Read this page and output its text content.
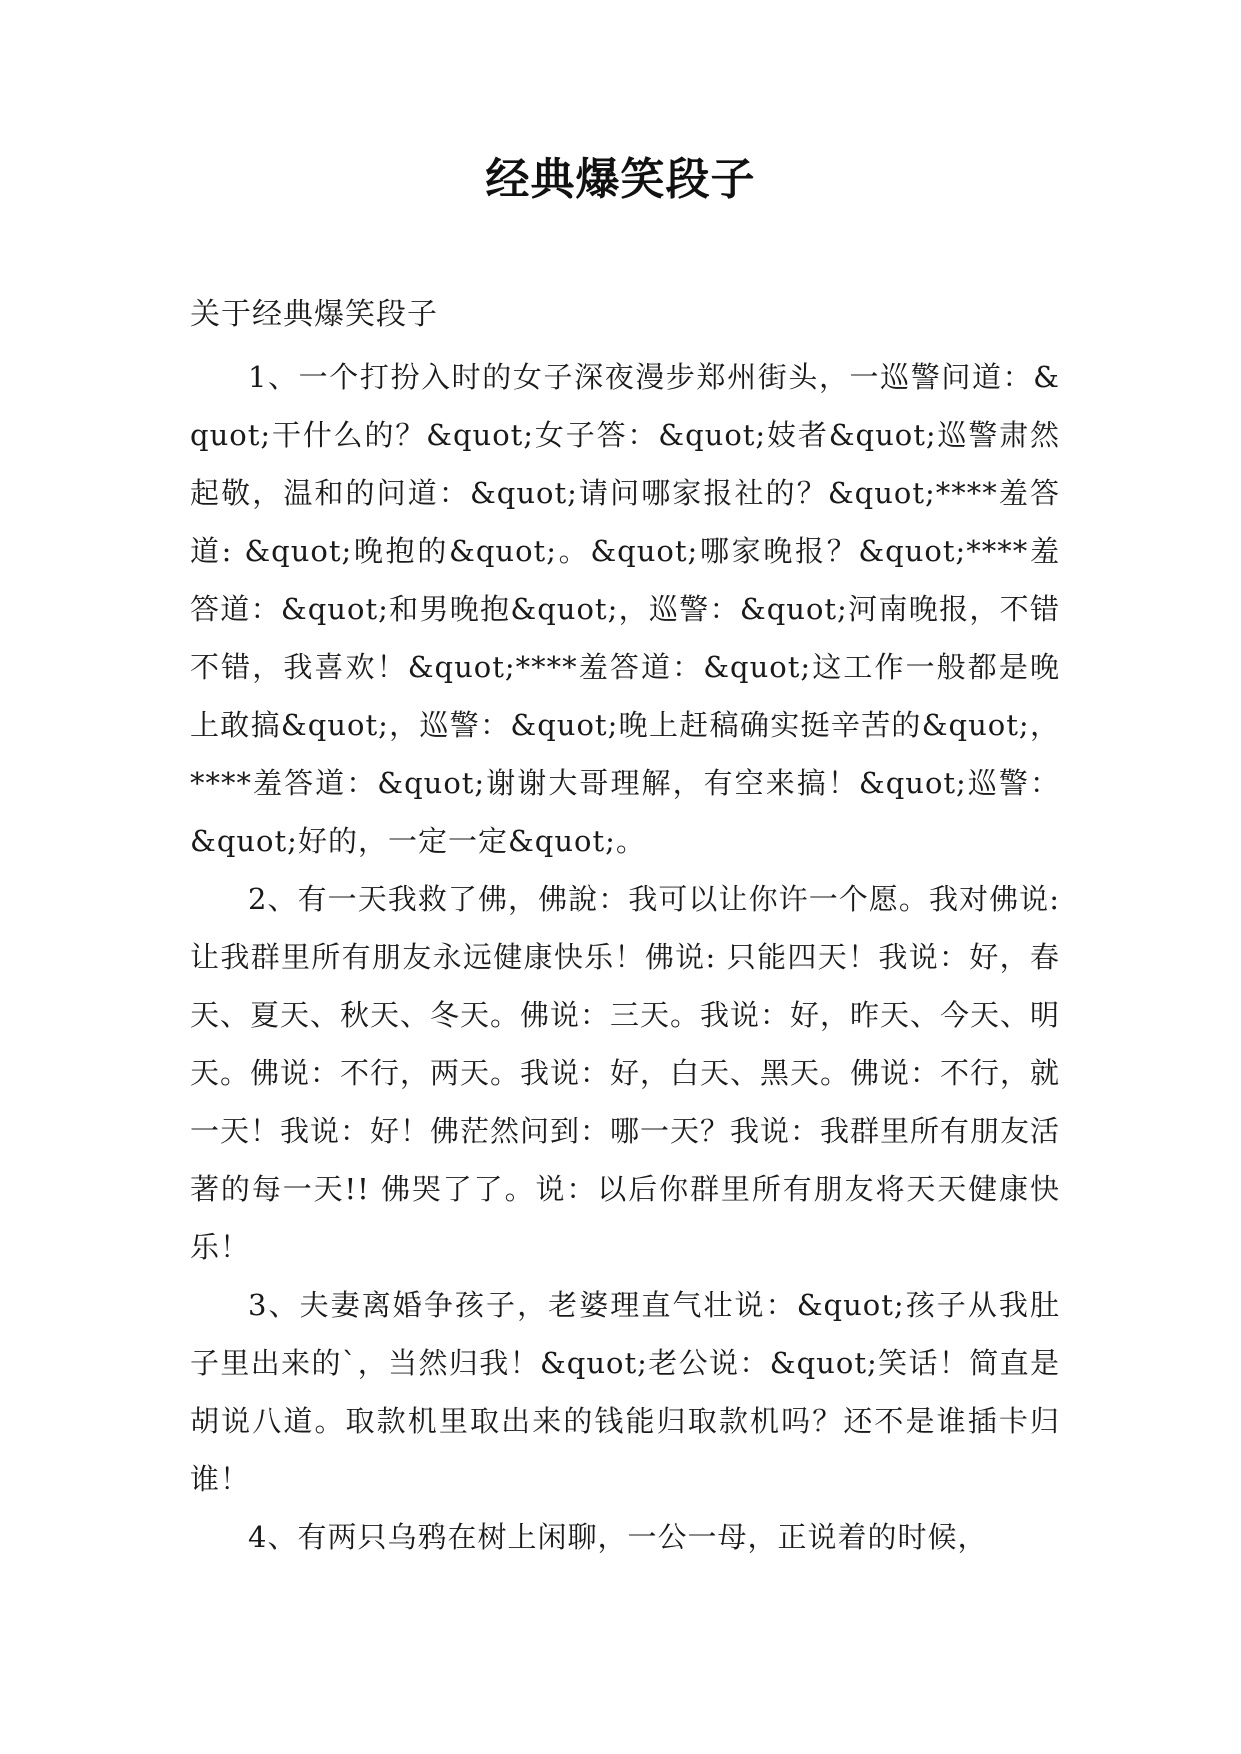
经典爆笑段子
关于经典爆笑段子

1、一个打扮入时的女子深夜漫步郑州街头，一巡警问道：&quot;干什么的？&quot;女子答：&quot;妓者&quot;巡警肃然起敬，温和的问道：&quot;请问哪家报社的？&quot;****羞答道: &quot;晚抱的&quot;。&quot;哪家晚报？&quot;****羞答道：&quot;和男晚抱&quot;，巡警：&quot;河南晚报，不错不错，我喜欢！&quot;****羞答道：&quot;这工作一般都是晚上敢搞&quot;，巡警：&quot;晚上赶稿确实挺辛苦的&quot;，****羞答道：&quot;谢谢大哥理解，有空来搞！&quot;巡警：&quot;好的，一定一定&quot;。

2、有一天我救了佛，佛說：我可以让你许一个愿。我对佛说: 让我群里所有朋友永远健康快乐！佛说: 只能四天！我说：好，春天、夏天、秋天、冬天。佛说：三天。我说：好，昨天、今天、明天。佛说：不行，两天。我说：好，白天、黑天。佛说：不行，就一天！我说：好！佛茫然问到：哪一天？我说：我群里所有朋友活著的每一天!! 佛哭了了。说：以后你群里所有朋友将天天健康快乐！

3、夫妻离婚争孩子，老婆理直气壮说：&quot;孩子从我肚子里出来的`，当然归我！&quot;老公说：&quot;笑话！简直是胡说八道。取款机里取出来的钱能归取款机吗？还不是谁插卡归谁！

4、有两只乌鸦在树上闲聊，一公一母，正说着的时候，
